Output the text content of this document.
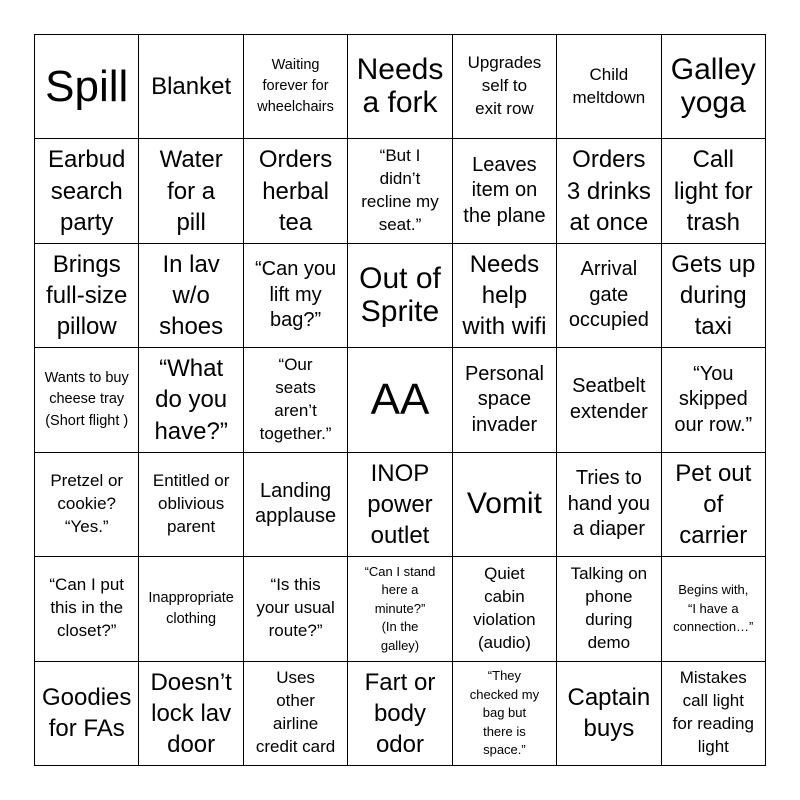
Spill Blanket
Waiting
forever for
wheelchairs
Needs
a fork
Upgrades
self to
exit row
Child
meltdown
Galley
yoga
Earbud
search
party
Water
for a
pill
Orders
herbal
tea
“But I
didn’t
recline my
seat.”
Leaves
item on
the plane
Orders
3 drinks
at once
Call
light for
trash
Brings
full-size
pillow
In lav
w/o
shoes
“Can you
lift my
bag?”
Out of
Sprite
Needs
help
with wifi
Arrival
gate
occupied
Gets up
during
taxi
Wants to buy
cheese tray
(Short flight )
“What
do you
have?”
“Our
seats
aren’t
together.”
AA
Personal
space
invader
Seatbelt
extender
“You
skipped
our row.”
Pretzel or
cookie?
“Yes.”
Entitled or
oblivious
parent
Landing
applause
INOP
power
outlet
Vomit
Tries to
hand you
a diaper
Pet out
of
carrier
“Can I put
this in the
closet?”
Inappropriate
clothing
“Is this
your usual
route?”
“Can I stand
here a
minute?”
(In the
galley)
Quiet
cabin
violation
(audio)
Talking on
phone
during
demo
Begins with,
“I have a
connection…”
Goodies
for FAs
Doesn’t
lock lav
door
Uses
other
airline
credit card
Fart or
body
odor
“They
checked my
bag but
there is
space.”
Captain
buys
Mistakes
call light
for reading
light
